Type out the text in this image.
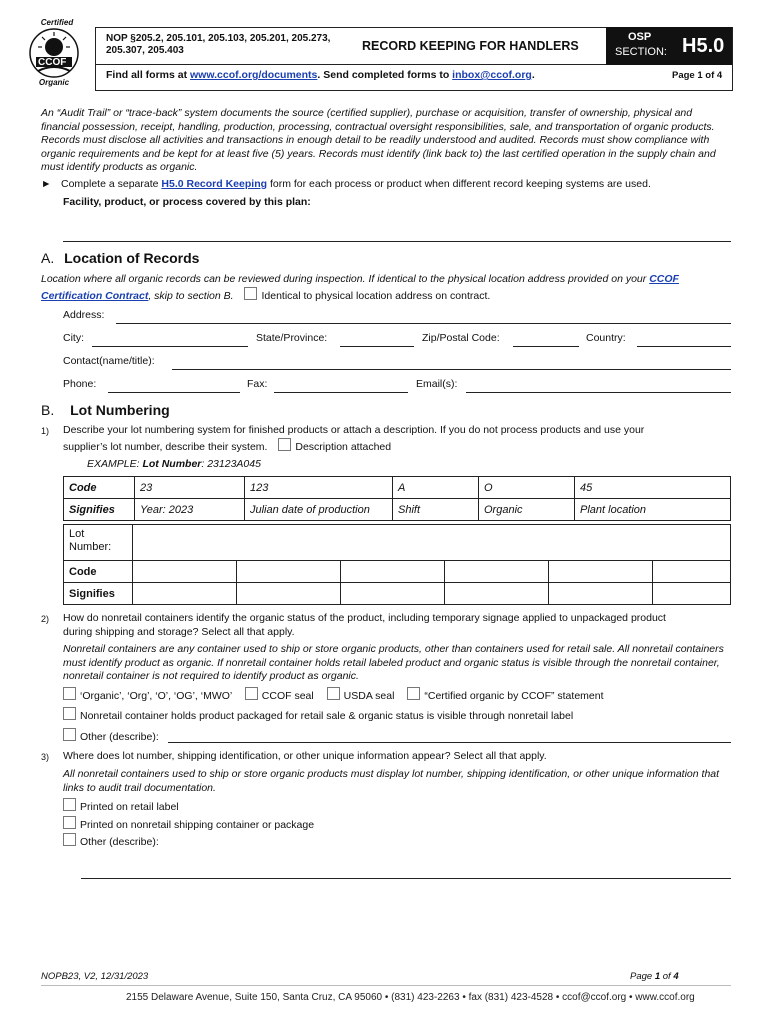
Certified
CCOF
Organic
NOP §205.2, 205.101, 205.103, 205.201, 205.273, 205.307, 205.403	RECORD KEEPING FOR HANDLERS
OSP
SECTION: H5.0
Find all forms at www.ccof.org/documents. Send completed forms to inbox@ccof.org.	Page 1 of 4
An “Audit Trail” or “trace-back” system documents the source (certified supplier), purchase or acquisition, transfer of ownership, physical and financial possession, receipt, handling, production, processing, contractual oversight responsibilities, sale, and transportation of organic products. Records must disclose all activities and transactions in enough detail to be readily understood and audited. Records must show compliance with organic requirements and be kept for at least five (5) years. Records must identify (link back to) the last certified operation in the supply chain and must identify products as organic.
► Complete a separate H5.0 Record Keeping form for each process or product when different record keeping systems are used.
Facility, product, or process covered by this plan:
A. Location of Records
Location where all organic records can be reviewed during inspection. If identical to the physical location address provided on your CCOF Certification Contract, skip to section B.	Identical to physical location address on contract.
Address:
City:	State/Province:	Zip/Postal Code:	Country:
Contact(name/title):
Phone:	Fax:	Email(s):
B. Lot Numbering
1) Describe your lot numbering system for finished products or attach a description. If you do not process products and use your
supplier’s lot number, describe their system.	Description attached
EXAMPLE: Lot Number: 23123A045
Code	23	123	A	O	45
Signifies	Year: 2023	Julian date of production	Shift	Organic	Plant location
Lot
Number:						
Code						
Signifies						
2) How do nonretail containers identify the organic status of the product, including temporary signage applied to unpackaged product
during shipping and storage? Select all that apply.
Nonretail containers are any container used to ship or store organic products, other than containers used for retail sale. All nonretail containers must identify product as organic. If nonretail container holds retail labeled product and organic status is visible through the nonretail container, nonretail container is not required to identify product as organic.
‘Organic’, ‘Org’, ‘O’, ‘OG’, ‘MWO’	CCOF seal	USDA seal	“Certified organic by CCOF” statement
Nonretail container holds product packaged for retail sale & organic status is visible through nonretail label
Other (describe):
3) Where does lot number, shipping identification, or other unique information appear? Select all that apply.
All nonretail containers used to ship or store organic products must display lot number, shipping identification, or other unique information that links to audit trail documentation.
Printed on retail label
Printed on nonretail shipping container or package
Other (describe):
NOPB23, V2, 12/31/2023	Page 1 of 4
2155 Delaware Avenue, Suite 150, Santa Cruz, CA 95060 • (831) 423-2263 • fax (831) 423-4528 • ccof@ccof.org • www.ccof.org
